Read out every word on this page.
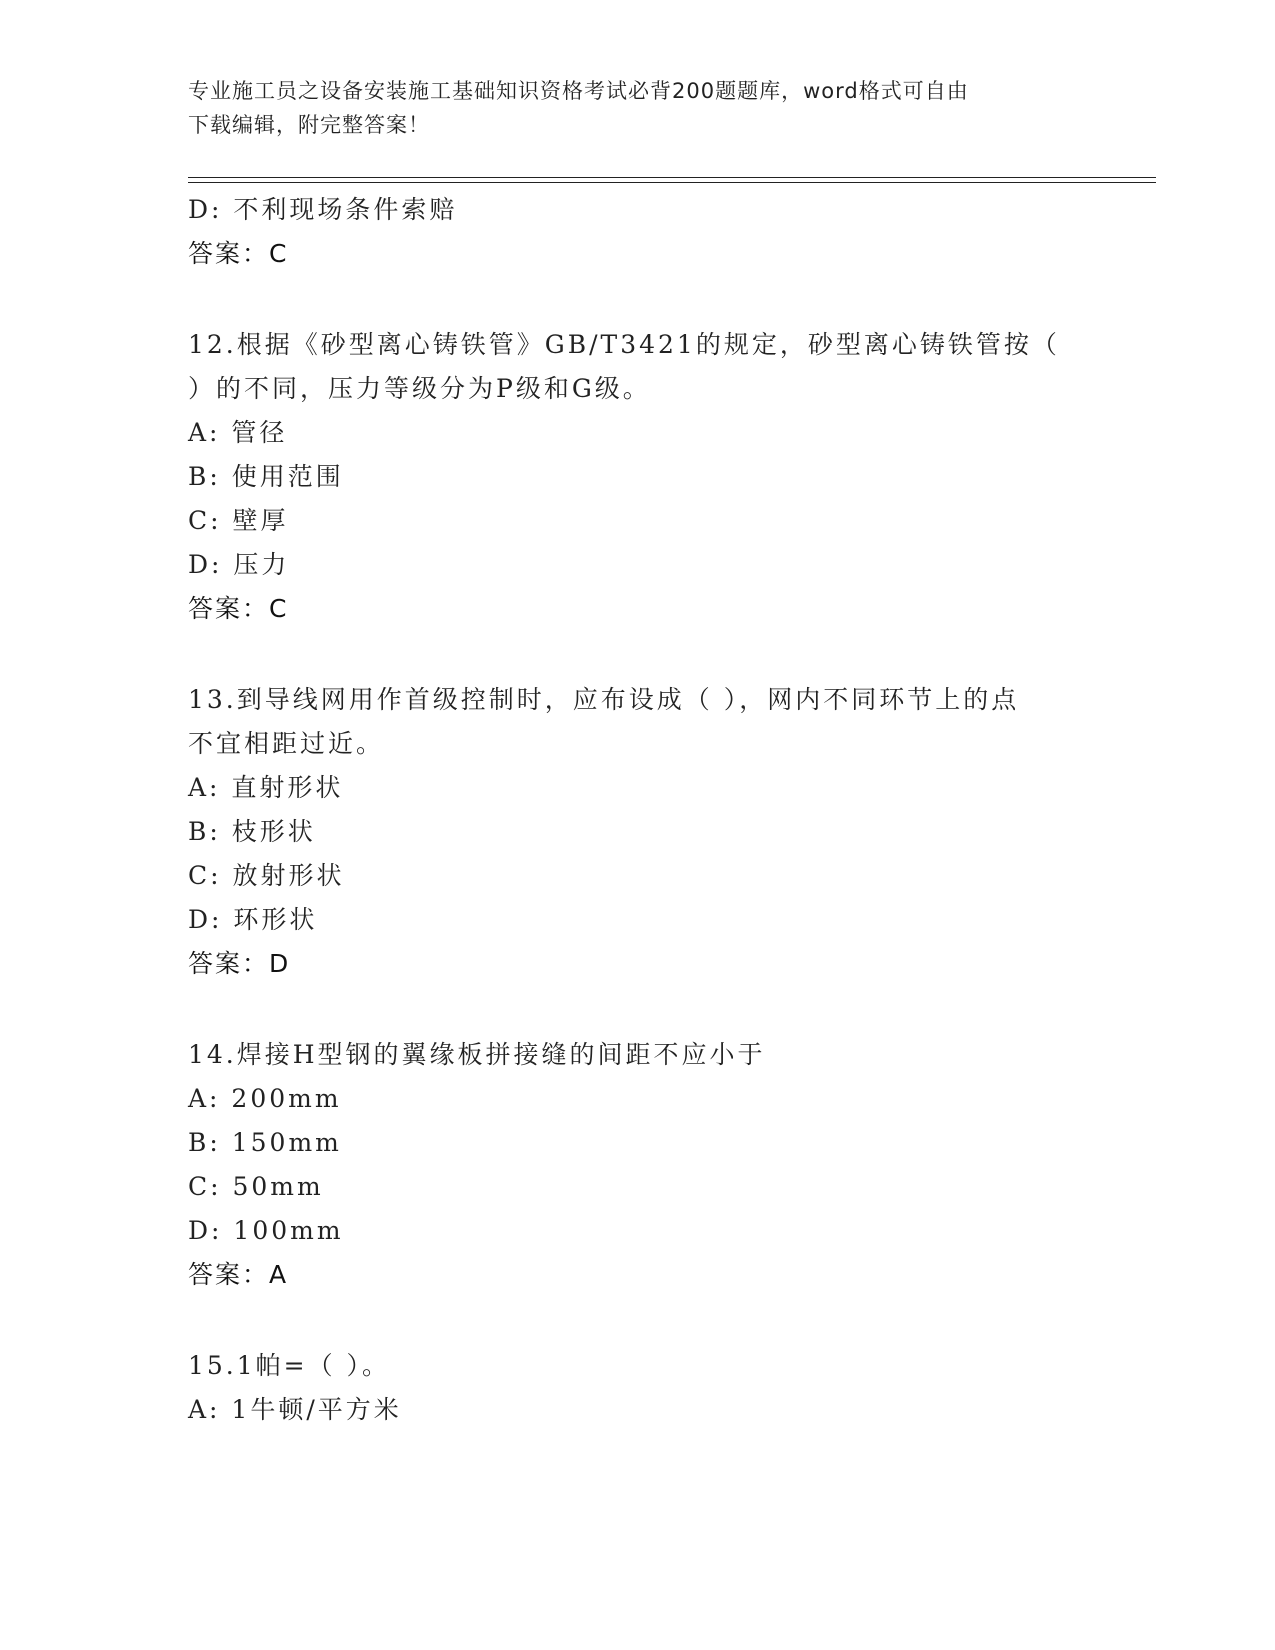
专业施工员之设备安装施工基础知识资格考试必背200题题库，word格式可自由
下载编辑，附完整答案！
D: 不利现场条件索赔
答案：C
12.根据《砂型离心铸铁管》GB/T3421的规定，砂型离心铸铁管按（
）的不同，压力等级分为P级和G级。
A: 管径
B: 使用范围
C: 壁厚
D: 压力
答案：C
13.到导线网用作首级控制时，应布设成（ ），网内不同环节上的点
不宜相距过近。
A: 直射形状
B: 枝形状
C: 放射形状
D: 环形状
答案：D
14.焊接H型钢的翼缘板拼接缝的间距不应小于
A: 200mm
B: 150mm
C: 50mm
D: 100mm
答案：A
15.1帕=（ ）。
A: 1牛顿/平方米
